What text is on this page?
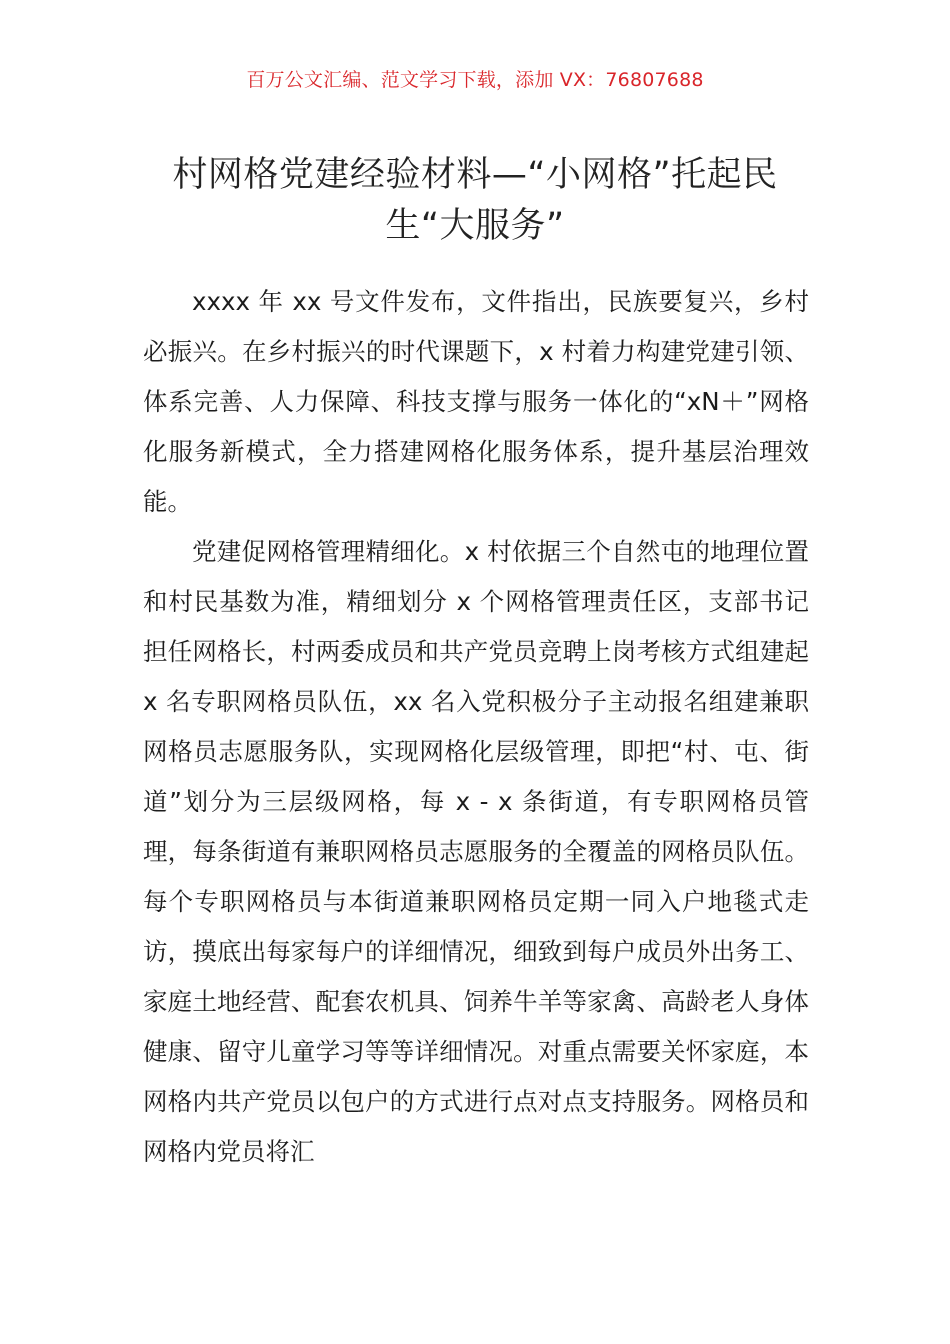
百万公文汇编、范文学习下载，添加 VX：76807688
村网格党建经验材料—“小网格”托起民
生“大服务”

xxxx 年 xx 号文件发布，文件指出，民族要复兴，乡村必振兴。在乡村振兴的时代课题下，x 村着力构建党建引领、体系完善、人力保障、科技支撑与服务一体化的“xN＋”网格化服务新模式，全力搭建网格化服务体系，提升基层治理效能。

党建促网格管理精细化。x 村依据三个自然屯的地理位置和村民基数为准，精细划分 x 个网格管理责任区，支部书记担任网格长，村两委成员和共产党员竞聘上岗考核方式组建起 x 名专职网格员队伍，xx 名入党积极分子主动报名组建兼职网格员志愿服务队，实现网格化层级管理，即把“村、屯、街道”划分为三层级网格，每 x - x 条街道，有专职网格员管理，每条街道有兼职网格员志愿服务的全覆盖的网格员队伍。每个专职网格员与本街道兼职网格员定期一同入户地毯式走访，摸底出每家每户的详细情况，细致到每户成员外出务工、家庭土地经营、配套农机具、饲养牛羊等家禽、高龄老人身体健康、留守儿童学习等等详细情况。对重点需要关怀家庭，本网格内共产党员以包户的方式进行点对点支持服务。网格员和网格内党员将汇
